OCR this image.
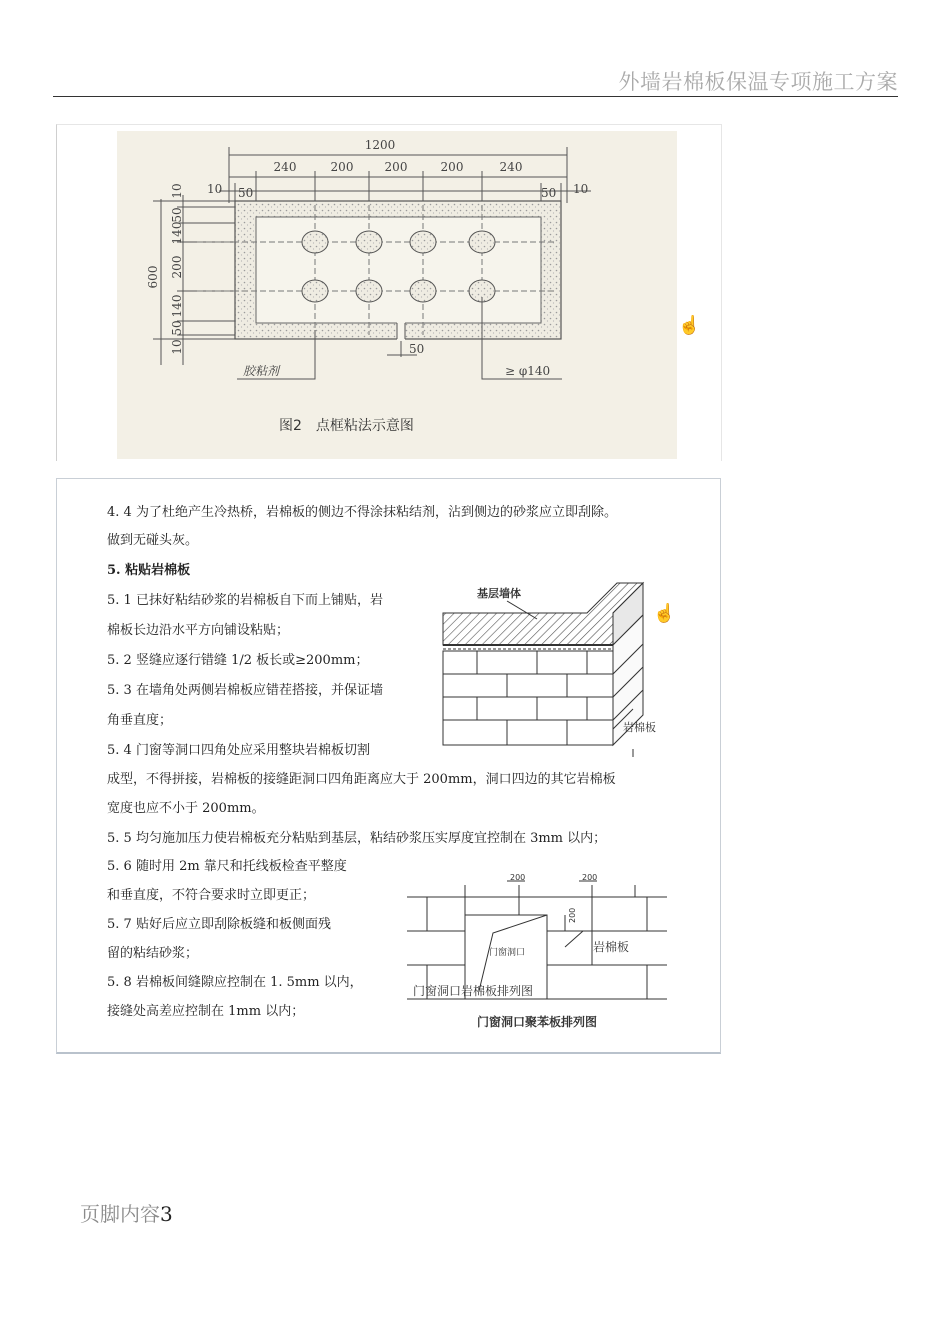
外墙岩棉板保温专项施工方案
1200
240	200	200	200	240
10 50	50 10
600
10
50
140
200
140
50
10	50
胶粘剂	≥ φ140
图2　点框粘法示意图
☝
4. 4 为了杜绝产生冷热桥，岩棉板的侧边不得涂抹粘结剂，沾到侧边的砂浆应立即刮除。
做到无碰头灰。
5. 粘贴岩棉板
5. 1 已抹好粘结砂浆的岩棉板自下而上铺贴，岩
棉板长边沿水平方向铺设粘贴；
5. 2 竖缝应逐行错缝 1/2 板长或≥200mm；
5. 3 在墙角处两侧岩棉板应错茬搭接，并保证墙
角垂直度；
5. 4 门窗等洞口四角处应采用整块岩棉板切割
成型，不得拼接，岩棉板的接缝距洞口四角距离应大于 200mm，洞口四边的其它岩棉板
宽度也应不小于 200mm。
5. 5 均匀施加压力使岩棉板充分粘贴到基层，粘结砂浆压实厚度宜控制在 3mm 以内；
5. 6 随时用 2m 靠尺和托线板检查平整度
和垂直度，不符合要求时立即更正；
5. 7 贴好后应立即刮除板缝和板侧面残
留的粘结砂浆；
5. 8 岩棉板间缝隙应控制在 1. 5mm 以内，
接缝处高差应控制在 1mm 以内；
基层墙体
岩棉板
☝
200	200
200
门窗洞口	岩棉板
门窗洞口岩棉板排列图
门窗洞口聚苯板排列图
页脚内容3
